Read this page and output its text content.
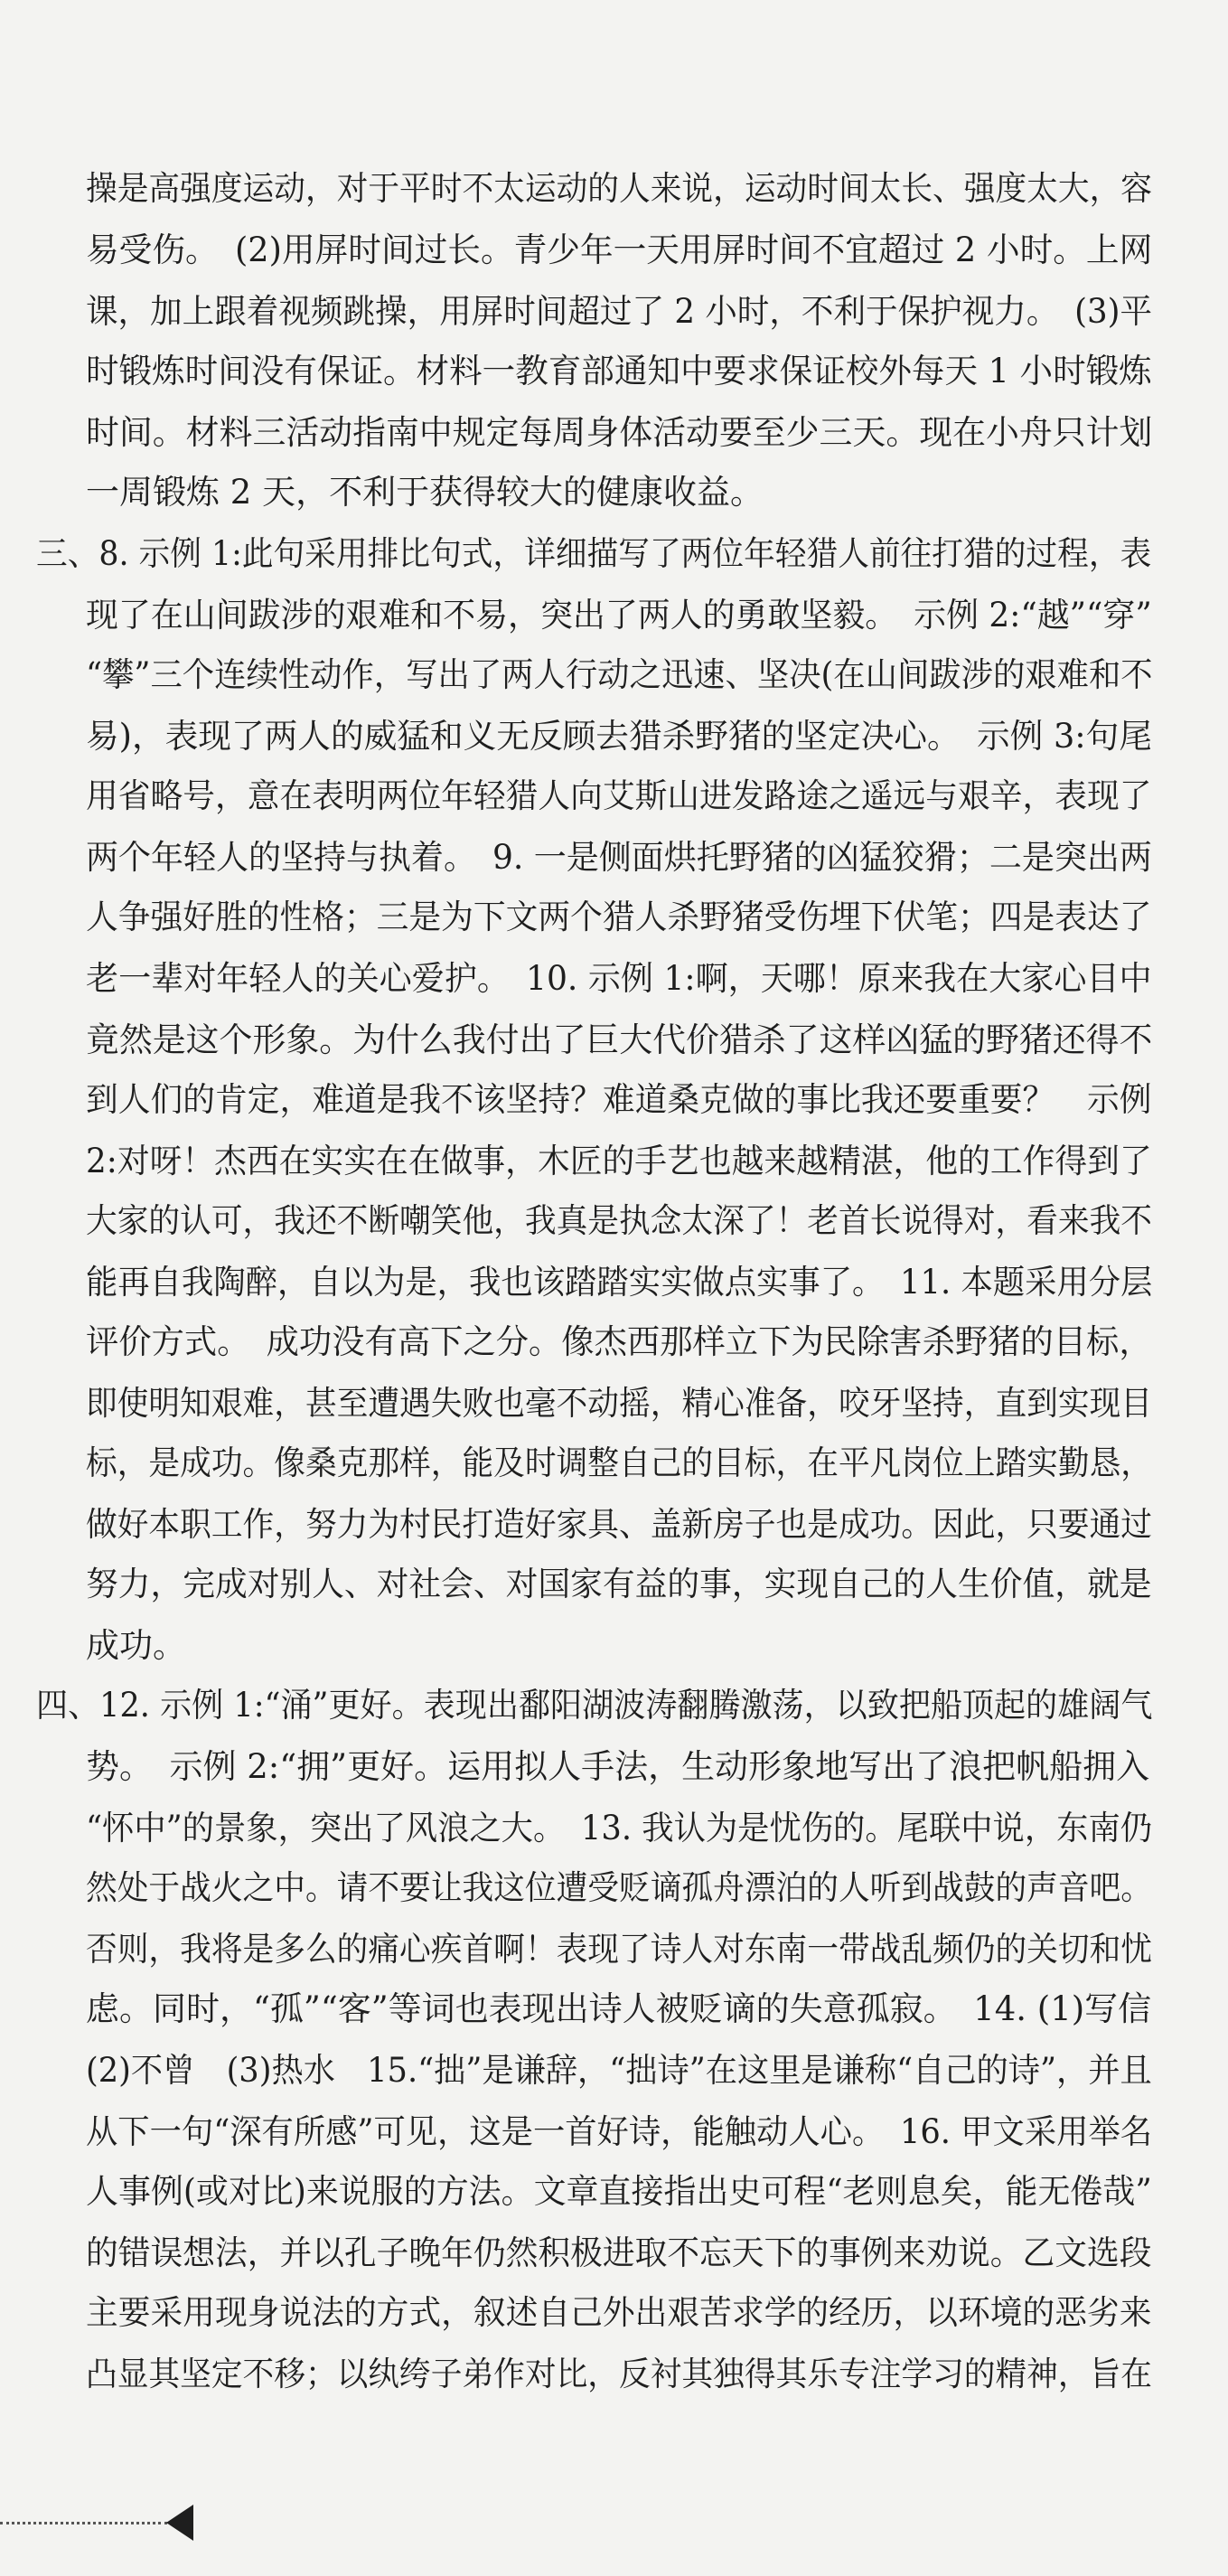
操是高强度运动，对于平时不太运动的人来说，运动时间太长、强度太大，容
易受伤。　(2)用屏时间过长。青少年一天用屏时间不宜超过 2 小时。上网
课，加上跟着视频跳操，用屏时间超过了 2 小时，不利于保护视力。　(3)平
时锻炼时间没有保证。材料一教育部通知中要求保证校外每天 1 小时锻炼
时间。材料三活动指南中规定每周身体活动要至少三天。现在小舟只计划
一周锻炼 2 天，不利于获得较大的健康收益。
三、8. 示例 1:此句采用排比句式，详细描写了两位年轻猎人前往打猎的过程，表
现了在山间跋涉的艰难和不易，突出了两人的勇敢坚毅。　示例 2:“越”“穿”
“攀”三个连续性动作，写出了两人行动之迅速、坚决(在山间跋涉的艰难和不
易)，表现了两人的威猛和义无反顾去猎杀野猪的坚定决心。　示例 3:句尾
用省略号，意在表明两位年轻猎人向艾斯山进发路途之遥远与艰辛，表现了
两个年轻人的坚持与执着。　9. 一是侧面烘托野猪的凶猛狡猾；二是突出两
人争强好胜的性格；三是为下文两个猎人杀野猪受伤埋下伏笔；四是表达了
老一辈对年轻人的关心爱护。　10. 示例 1:啊，天哪！原来我在大家心目中
竟然是这个形象。为什么我付出了巨大代价猎杀了这样凶猛的野猪还得不
到人们的肯定，难道是我不该坚持？难道桑克做的事比我还要重要？　示例
2:对呀！杰西在实实在在做事，木匠的手艺也越来越精湛，他的工作得到了
大家的认可，我还不断嘲笑他，我真是执念太深了！老首长说得对，看来我不
能再自我陶醉，自以为是，我也该踏踏实实做点实事了。　11. 本题采用分层
评价方式。　成功没有高下之分。像杰西那样立下为民除害杀野猪的目标，
即使明知艰难，甚至遭遇失败也毫不动摇，精心准备，咬牙坚持，直到实现目
标，是成功。像桑克那样，能及时调整自己的目标，在平凡岗位上踏实勤恳，
做好本职工作，努力为村民打造好家具、盖新房子也是成功。因此，只要通过
努力，完成对别人、对社会、对国家有益的事，实现自己的人生价值，就是
成功。
四、12. 示例 1:“涌”更好。表现出鄱阳湖波涛翻腾激荡，以致把船顶起的雄阔气
势。　示例 2:“拥”更好。运用拟人手法，生动形象地写出了浪把帆船拥入
“怀中”的景象，突出了风浪之大。　13. 我认为是忧伤的。尾联中说，东南仍
然处于战火之中。请不要让我这位遭受贬谪孤舟漂泊的人听到战鼓的声音吧。
否则，我将是多么的痛心疾首啊！表现了诗人对东南一带战乱频仍的关切和忧
虑。同时，“孤”“客”等词也表现出诗人被贬谪的失意孤寂。　14. (1)写信
(2)不曾　(3)热水　15.“拙”是谦辞，“拙诗”在这里是谦称“自己的诗”，并且
从下一句“深有所感”可见，这是一首好诗，能触动人心。　16. 甲文采用举名
人事例(或对比)来说服的方法。文章直接指出史可程“老则息矣，能无倦哉”
的错误想法，并以孔子晚年仍然积极进取不忘天下的事例来劝说。乙文选段
主要采用现身说法的方式，叙述自己外出艰苦求学的经历，以环境的恶劣来
凸显其坚定不移；以纨绔子弟作对比，反衬其独得其乐专注学习的精神，旨在
